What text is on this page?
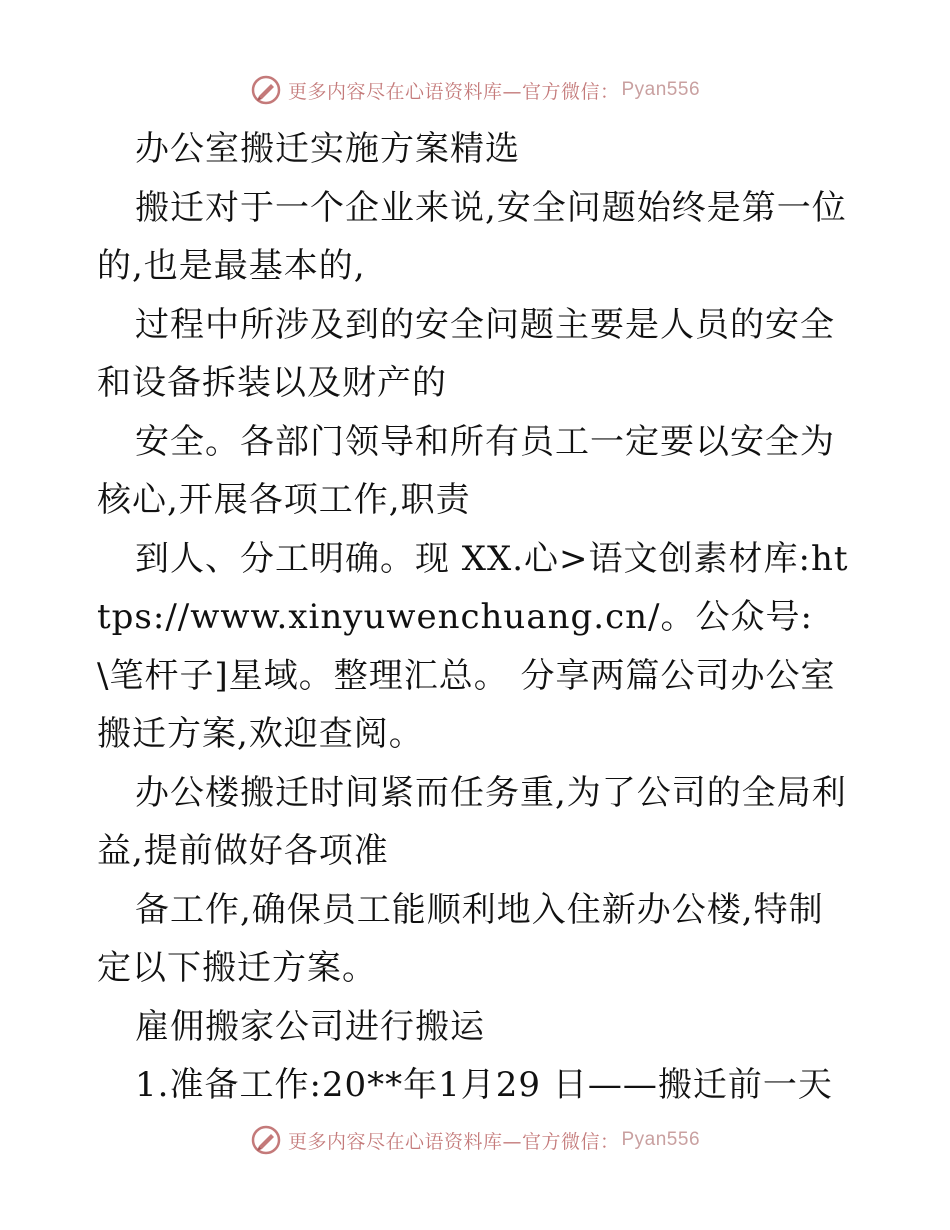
更多内容尽在心语资料库—官方微信： Pyan556

办公室搬迁实施方案精选

搬迁对于一个企业来说,安全问题始终是第一位的,也是最基本的,

过程中所涉及到的安全问题主要是人员的安全和设备拆装以及财产的

安全。各部门领导和所有员工一定要以安全为核心,开展各项工作,职责

到人、分工明确。现 XX.心>语文创素材库:https://www.xinyuwenchuang.cn/。公众号: \笔杆子]星域。整理汇总。 分享两篇公司办公室搬迁方案,欢迎查阅。

办公楼搬迁时间紧而任务重,为了公司的全局利益,提前做好各项准

备工作,确保员工能顺利地入住新办公楼,特制定以下搬迁方案。

雇佣搬家公司进行搬运

1.准备工作:20**年1月29 日——搬迁前一天

更多内容尽在心语资料库—官方微信： Pyan556
